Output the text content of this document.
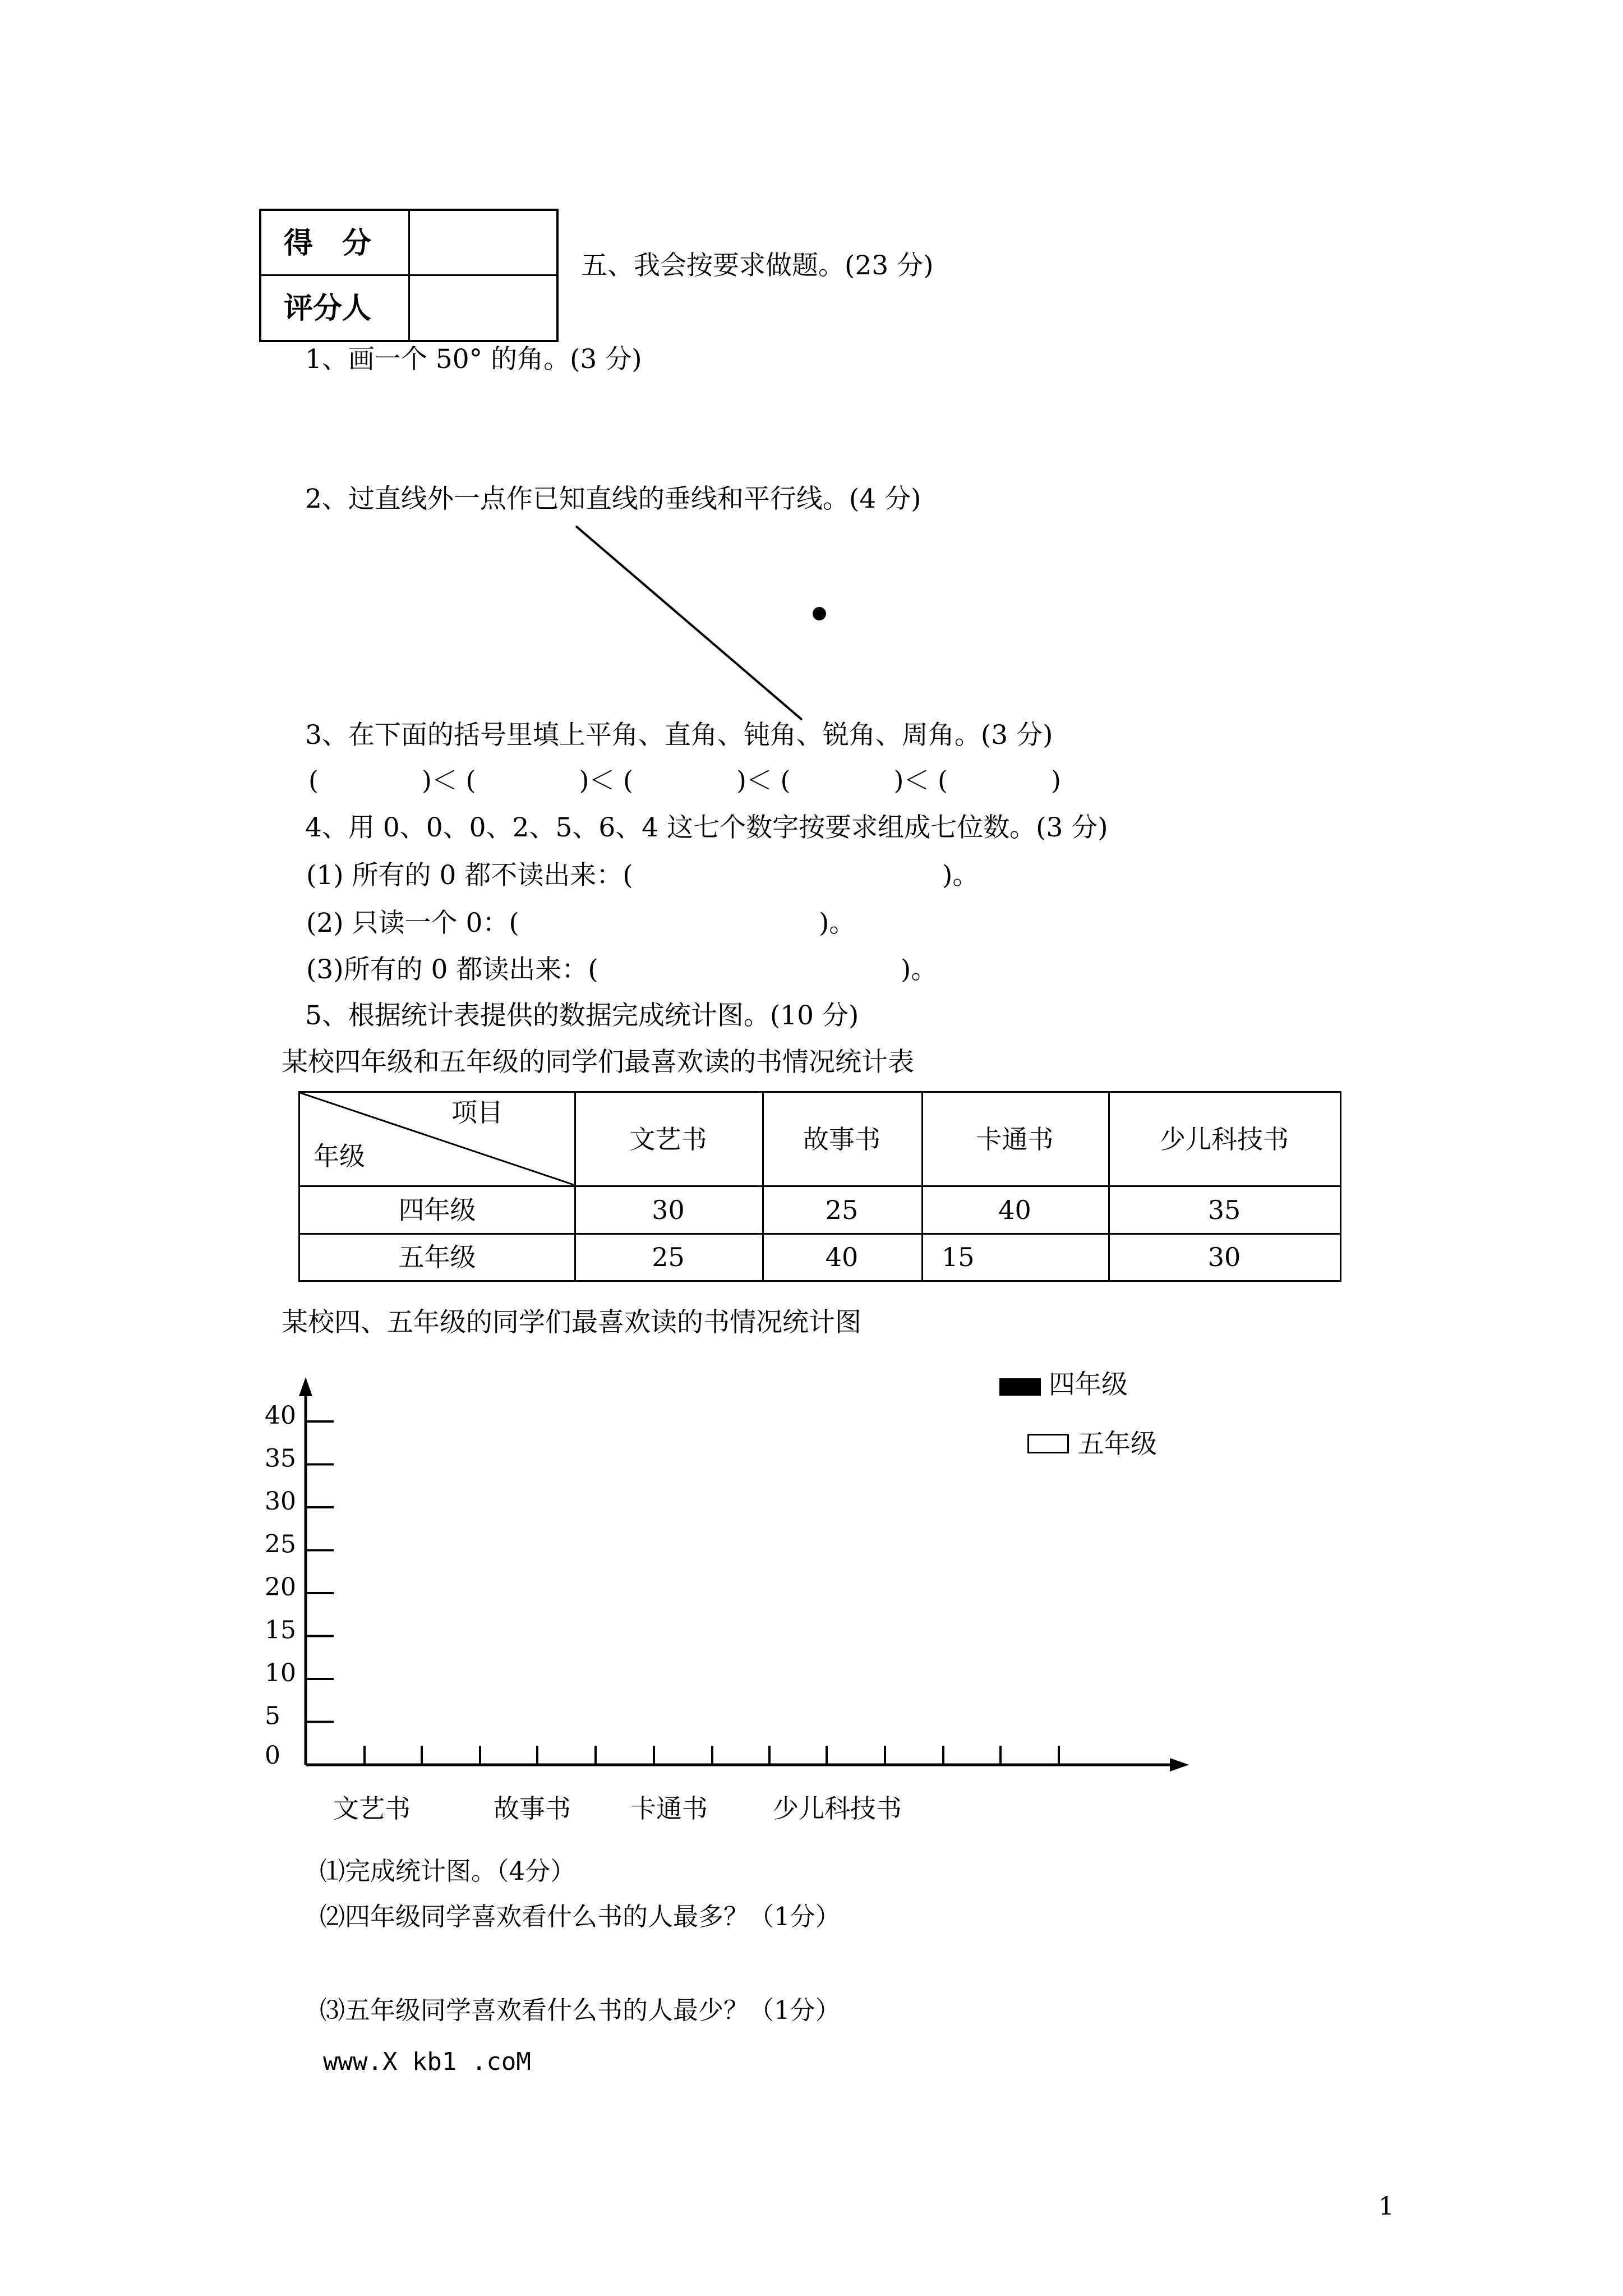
得　分
评分人
五、我会按要求做题。(23 分)
1、画一个 50° 的角。(3 分)
2、过直线外一点作已知直线的垂线和平行线。(4 分)
3、在下面的括号里填上平角、直角、钝角、锐角、周角。(3 分)
(　　　　)＜ (　　　　)＜ (　　　　)＜ (　　　　)＜ (　　　　)
4、用 0、0、0、2、5、6、4 这七个数字按要求组成七位数。(3 分)
(1) 所有的 0 都不读出来：(	)。
(2) 只读一个 0：(	)。
(3)所有的 0 都读出来：(	)。
5、根据统计表提供的数据完成统计图。(10 分)
某校四年级和五年级的同学们最喜欢读的书情况统计表
项目
年级
文艺书	故事书	卡通书	少儿科技书
四年级	30	25	40	35
五年级	25	40	15	30
某校四、五年级的同学们最喜欢读的书情况统计图
40
35
30
25
20
15
10
5
0
文艺书	故事书 卡通书	少儿科技书
四年级
五年级
⑴完成统计图。（4分）
⑵四年级同学喜欢看什么书的人最多？（1分）
⑶五年级同学喜欢看什么书的人最少？（1分）
www.X kb1 .coM
1
